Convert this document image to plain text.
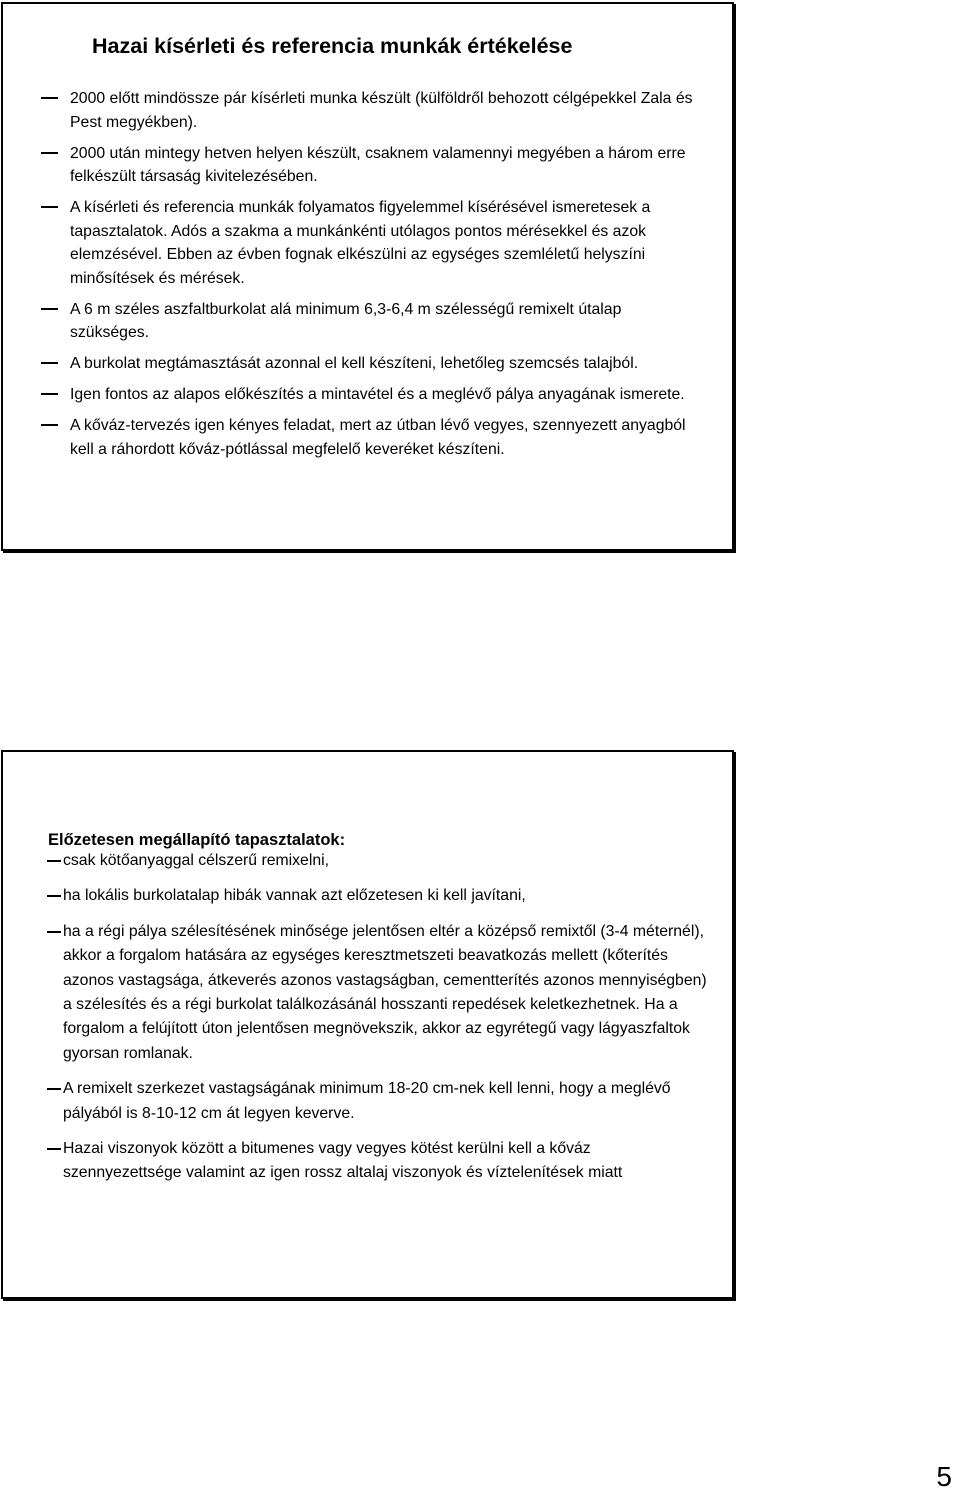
Hazai kísérleti és referencia munkák értékelése
2000 előtt mindössze pár kísérleti munka készült (külföldről behozott célgépekkel Zala és Pest megyékben).
2000 után mintegy hetven helyen készült, csaknem valamennyi megyében a három erre felkészült társaság kivitelezésében.
A kísérleti és referencia munkák folyamatos figyelemmel kísérésével ismeretesek a tapasztalatok. Adós a szakma a munkánkénti utólagos pontos mérésekkel és azok elemzésével. Ebben az évben fognak elkészülni az egységes szemléletű helyszíni minősítések és mérések.
A 6 m széles aszfaltburkolat alá minimum 6,3-6,4 m szélességű remixelt útalap szükséges.
A burkolat megtámasztását azonnal el kell készíteni, lehetőleg szemcsés talajból.
Igen fontos az alapos előkészítés a mintavétel és a meglévő pálya anyagának ismerete.
A kőváz-tervezés igen kényes feladat, mert az útban lévő vegyes, szennyezett anyagból kell a ráhordott kőváz-pótlással megfelelő keveréket készíteni.
Előzetesen megállapító tapasztalatok:
csak kötőanyaggal célszerű remixelni,
ha lokális burkolatalap hibák vannak azt előzetesen ki kell javítani,
ha a régi pálya szélesítésének minősége jelentősen eltér a középső remixtől (3-4 méternél), akkor a forgalom hatására az egységes keresztmetszeti beavatkozás mellett (kőterítés azonos vastagsága, átkeverés azonos vastagságban, cementterítés azonos mennyiségben) a szélesítés és a régi burkolat találkozásánál hosszanti repedések keletkezhetnek. Ha a forgalom a felújított úton jelentősen megnövekszik, akkor az egyrétegű vagy lágyaszfaltok gyorsan romlanak.
A remixelt szerkezet vastagságának minimum 18-20 cm-nek kell lenni, hogy a meglévő pályából is 8-10-12 cm át legyen keverve.
Hazai viszonyok között a bitumenes vagy vegyes kötést kerülni kell a kőváz szennyezettsége valamint az igen rossz altalaj viszonyok és víztelenítések miatt
5
